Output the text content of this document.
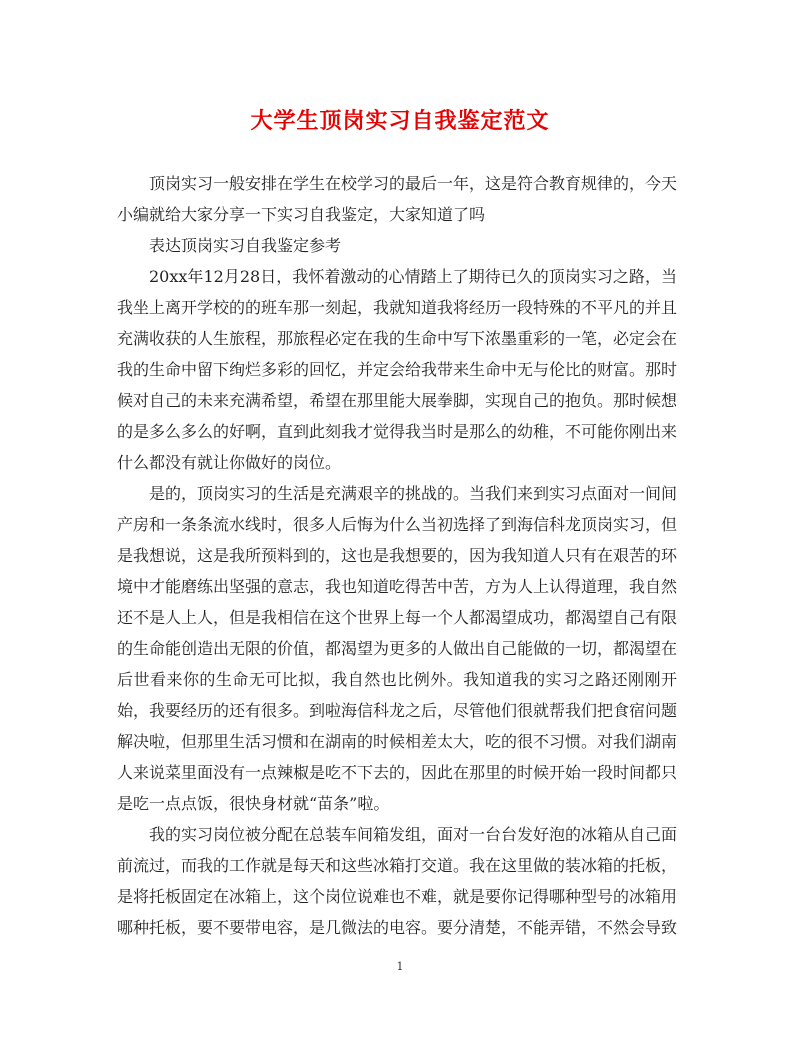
大学生顶岗实习自我鉴定范文

顶岗实习一般安排在学生在校学习的最后一年，这是符合教育规律的，今天小编就给大家分享一下实习自我鉴定，大家知道了吗

表达顶岗实习自我鉴定参考

20xx年12月28日，我怀着激动的心情踏上了期待已久的顶岗实习之路，当我坐上离开学校的的班车那一刻起，我就知道我将经历一段特殊的不平凡的并且充满收获的人生旅程，那旅程必定在我的生命中写下浓墨重彩的一笔，必定会在我的生命中留下绚烂多彩的回忆，并定会给我带来生命中无与伦比的财富。那时候对自己的未来充满希望，希望在那里能大展拳脚，实现自己的抱负。那时候想的是多么多么的好啊，直到此刻我才觉得我当时是那么的幼稚，不可能你刚出来什么都没有就让你做好的岗位。

是的，顶岗实习的生活是充满艰辛的挑战的。当我们来到实习点面对一间间产房和一条条流水线时，很多人后悔为什么当初选择了到海信科龙顶岗实习，但是我想说，这是我所预料到的，这也是我想要的，因为我知道人只有在艰苦的环境中才能磨练出坚强的意志，我也知道吃得苦中苦，方为人上认得道理，我自然还不是人上人，但是我相信在这个世界上每一个人都渴望成功，都渴望自己有限的生命能创造出无限的价值，都渴望为更多的人做出自己能做的一切，都渴望在后世看来你的生命无可比拟，我自然也比例外。我知道我的实习之路还刚刚开始，我要经历的还有很多。到啦海信科龙之后，尽管他们很就帮我们把食宿问题解决啦，但那里生活习惯和在湖南的时候相差太大，吃的很不习惯。对我们湖南人来说菜里面没有一点辣椒是吃不下去的，因此在那里的时候开始一段时间都只是吃一点点饭，很快身材就“苗条”啦。

我的实习岗位被分配在总装车间箱发组，面对一台台发好泡的冰箱从自己面前流过，而我的工作就是每天和这些冰箱打交道。我在这里做的装冰箱的托板，是将托板固定在冰箱上，这个岗位说难也不难，就是要你记得哪种型号的冰箱用哪种托板，要不要带电容，是几微法的电容。要分清楚，不能弄错，不然会导致

1
